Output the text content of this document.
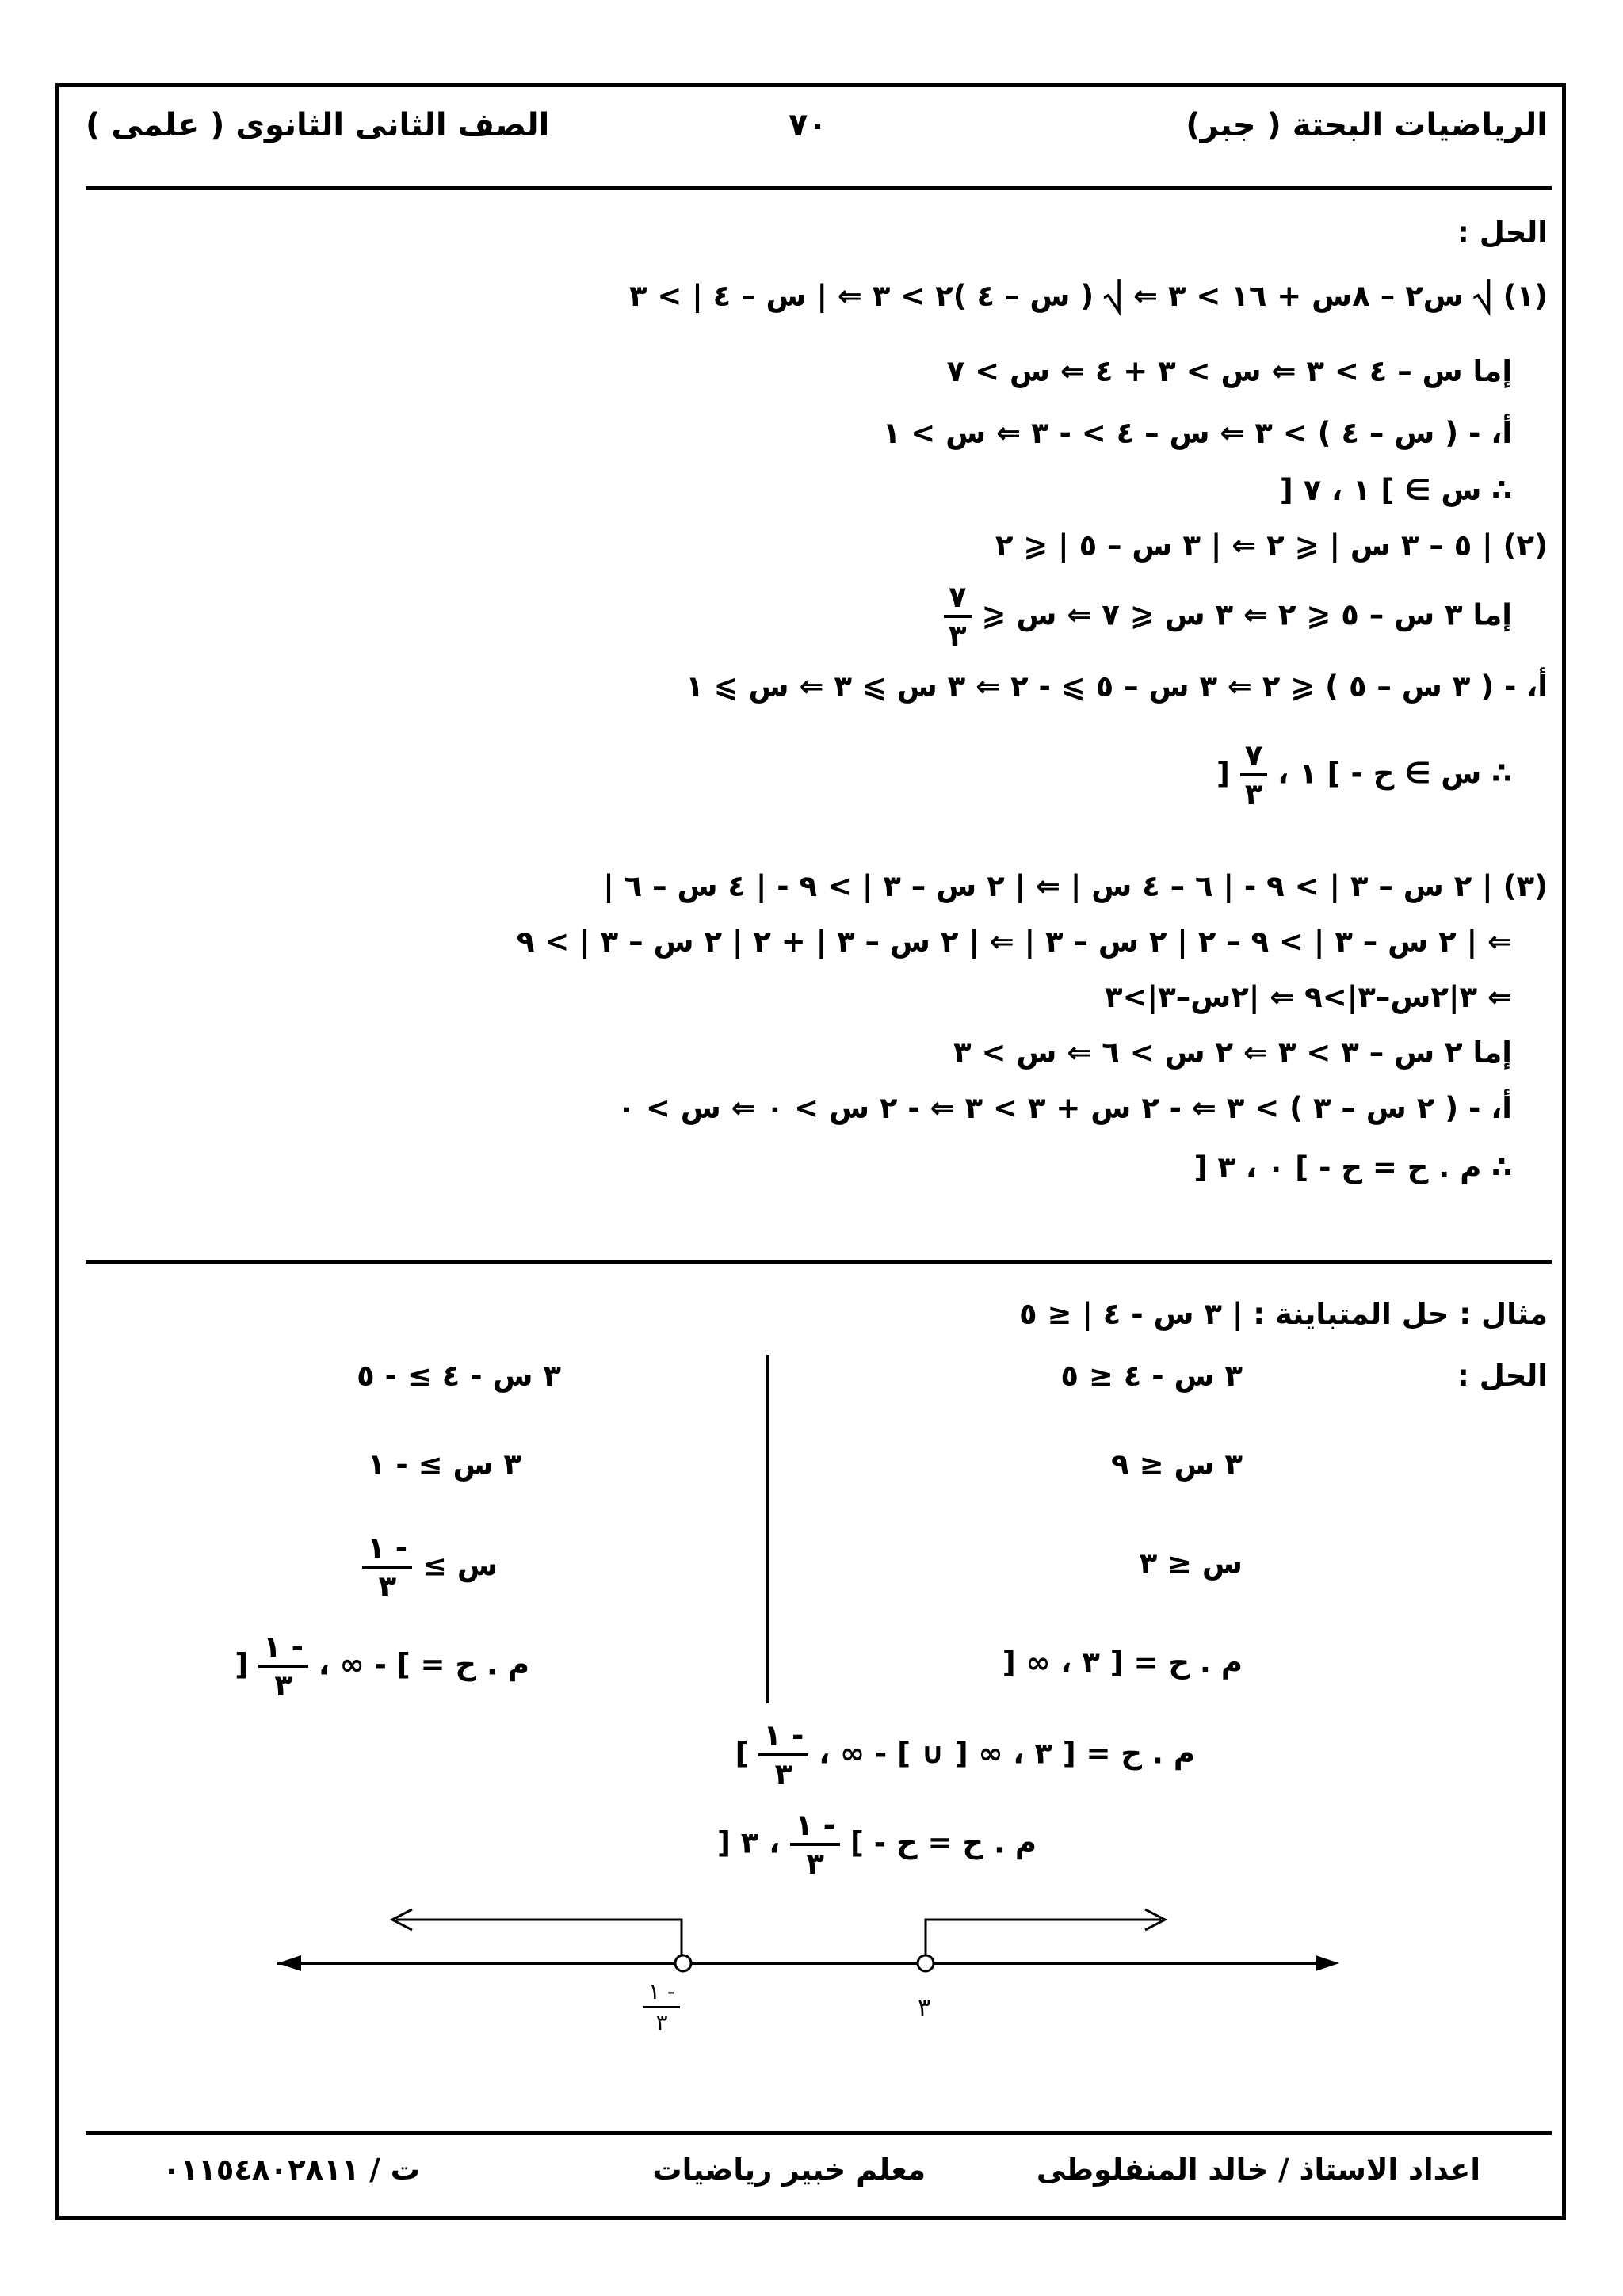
الرياضيات البحتة ( جبر)
٧٠
الصف الثانى الثانوى ( علمى )
الحل :
(١) ⎷ س٢ – ٨س + ١٦ > ٣ ⇐ ⎷ ( س – ٤ )٢ > ٣ ⇐ | س – ٤ | > ٣
إما س – ٤ > ٣ ⇐ س > ٣ + ٤ ⇐ س > ٧
أ، - ( س – ٤ ) > ٣ ⇐ س – ٤ > - ٣ ⇐ س > ١
∴ س ∋ ] ١ ، ٧ [
(٢) | ٥ – ٣ س | ⩽ ٢ ⇐ | ٣ س – ٥ | ⩽ ٢
إما ٣ س – ٥ ⩽ ٢ ⇐ ٣ س ⩽ ٧ ⇐ س ⩽
$\frac{٧}{٣}$
أ، - ( ٣ س – ٥ ) ⩽ ٢ ⇐ ٣ س – ٥ ⩾ - ٢ ⇐ ٣ س ⩾ ٣ ⇐ س ⩾ ١
∴ س ∋ ح - ] ١ ،
$\frac{٧}{٣}$
[
(٣) | ٢ س – ٣ | > ٩ - | ٦ – ٤ س | ⇐ | ٢ س – ٣ | > ٩ - | ٤ س – ٦ |
⇐ | ٢ س – ٣ | > ٩ – ٢ | ٢ س – ٣ | ⇐ | ٢ س – ٣ | + ٢ | ٢ س – ٣ | > ٩
⇐ ٣|٢س–٣|>٩ ⇐ |٢س–٣|>٣
إما ٢ س – ٣ > ٣ ⇐ ٢ س > ٦ ⇐ س > ٣
أ، - ( ٢ س – ٣ ) > ٣ ⇐ - ٢ س + ٣ > ٣ ⇐ - ٢ س > ٠ ⇐ س > ٠
∴ م . ح = ح - ] ٠ ، ٣ [
مثال : حل المتباينة : | ٣ س - ٤ | ≤ ٥
الحل :
٣ س - ٤ ≤ ٥
٣ س ≤ ٩
س ≤ ٣
م . ح = [ ٣ ، ∞ [
٣ س - ٤ ≥ - ٥
٣ س ≥ - ١
س ≥
$\frac{- ١}{٣}$
م . ح = ] - ∞ ،
$\frac{- ١}{٣}$
[
م . ح = [ ٣ ، ∞ [ ∪ ] - ∞ ،
$\frac{- ١}{٣}$
]
م . ح = ح - ]
$\frac{- ١}{٣}$
، ٣ [
٣
$\frac{- ١}{٣}$
اعداد الاستاذ / خالد المنفلوطى
معلم خبير رياضيات
ت / ٠١١٥٤٨٠٢٨١١
